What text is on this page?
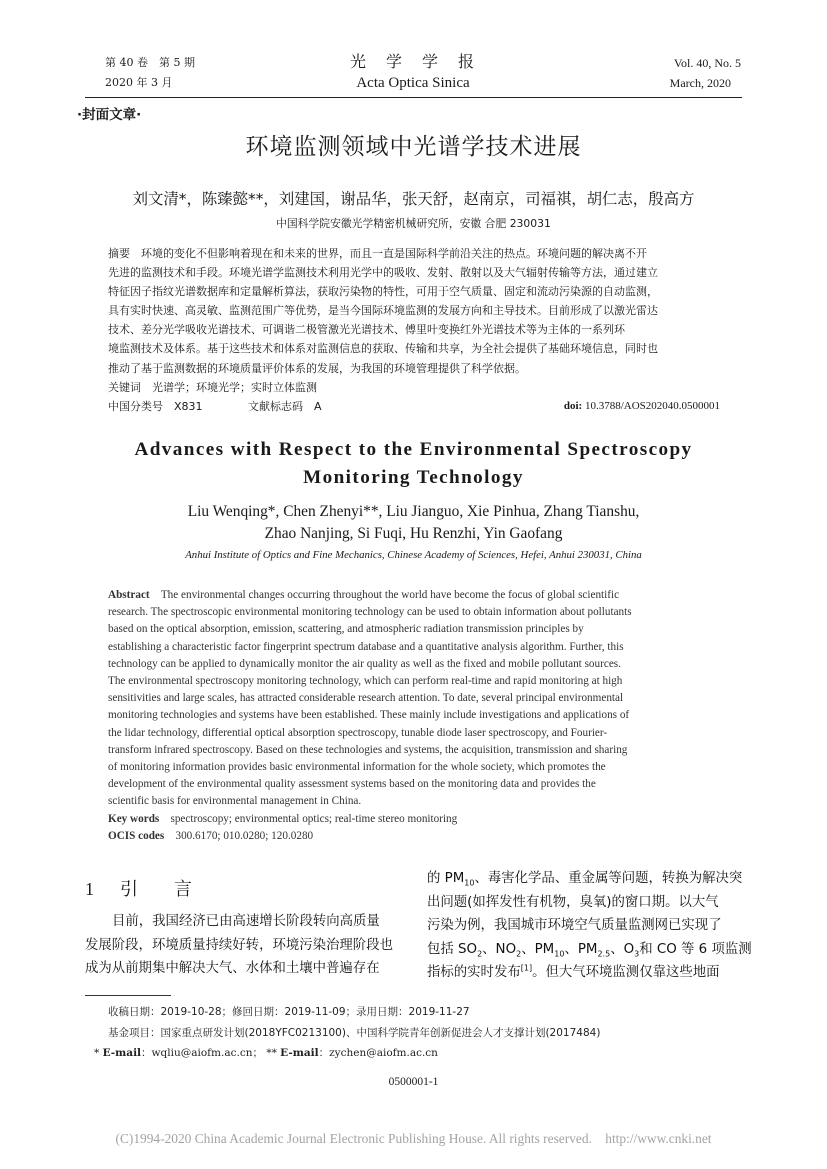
第 40 卷　第 5 期
2020 年 3 月
光　学　学　报
Acta Optica Sinica
Vol. 40, No. 5
March, 2020
·封面文章·
环境监测领域中光谱学技术进展
刘文清*，陈臻懿**，刘建国，谢品华，张天舒，赵南京，司福祺，胡仁志，殷高方
中国科学院安徽光学精密机械研究所，安徽 合肥 230031

摘要　 环境的变化不但影响着现在和未来的世界，而且一直是国际科学前沿关注的热点。环境问题的解决离不开

先进的监测技术和手段。环境光谱学监测技术利用光学中的吸收、发射、散射以及大气辐射传输等方法，通过建立

特征因子指纹光谱数据库和定量解析算法，获取污染物的特性，可用于空气质量、固定和流动污染源的自动监测，

具有实时快速、高灵敏、监测范围广等优势，是当今国际环境监测的发展方向和主导技术。目前形成了以激光雷达

技术、差分光学吸收光谱技术、可调谐二极管激光光谱技术、傅里叶变换红外光谱技术等为主体的一系列环

境监测技术及体系。基于这些技术和体系对监测信息的获取、传输和共享，为全社会提供了基础环境信息，同时也

推动了基于监测数据的环境质量评价体系的发展，为我国的环境管理提供了科学依据。

关键词　 光谱学；环境光学；实时立体监测

中国分类号　 X831	文献标志码　 A	doi: 10.3788/AOS202040.0500001

Advances with Respect to the Environmental Spectroscopy
Monitoring Technology
Liu Wenqing*, Chen Zhenyi**, Liu Jianguo, Xie Pinhua, Zhang Tianshu,
Zhao Nanjing, Si Fuqi, Hu Renzhi, Yin Gaofang
Anhui Institute of Optics and Fine Mechanics, Chinese Academy of Sciences, Hefei, Anhui 230031, China

Abstract　 The environmental changes occurring throughout the world have become the focus of global scientific

research. The spectroscopic environmental monitoring technology can be used to obtain information about pollutants

based on the optical absorption, emission, scattering, and atmospheric radiation transmission principles by

establishing a characteristic factor fingerprint spectrum database and a quantitative analysis algorithm. Further, this

technology can be applied to dynamically monitor the air quality as well as the fixed and mobile pollutant sources.

The environmental spectroscopy monitoring technology, which can perform real-time and rapid monitoring at high

sensitivities and large scales, has attracted considerable research attention. To date, several principal environmental

monitoring technologies and systems have been established. These mainly include investigations and applications of

the lidar technology, differential optical absorption spectroscopy, tunable diode laser spectroscopy, and Fourier-

transform infrared spectroscopy. Based on these technologies and systems, the acquisition, transmission and sharing

of monitoring information provides basic environmental information for the whole society, which promotes the

development of the environmental quality assessment systems based on the monitoring data and provides the

scientific basis for environmental management in China.

Key words　 spectroscopy; environmental optics; real-time stereo monitoring

OCIS codes　 300.6170; 010.0280; 120.0280

1 引　　言

目前，我国经济已由高速增长阶段转向高质量

发展阶段，环境质量持续好转，环境污染治理阶段也

成为从前期集中解决大气、水体和土壤中普遍存在

的 $PM_{10}$、毒害化学品、重金属等问题，转换为解决突

出问题(如挥发性有机物，臭氧)的窗口期。以大气

污染为例，我国城市环境空气质量监测网已实现了

包括 $SO_2$、$NO_2$、$PM_{10}$、$PM_{2.5}$、$O_3$和 CO 等 6 项监测

指标的实时发布[1]。但大气环境监测仅靠这些地面

收稿日期：2019-10-28；修回日期：2019-11-09；录用日期：2019-11-27
基金项目：国家重点研发计划(2018YFC0213100)、中国科学院青年创新促进会人才支撑计划(2017484)
* E-mail：wqliu@aiofm.ac.cn； ** E-mail：zychen@aiofm.ac.cn
0500001-1
(C)1994-2020 China Academic Journal Electronic Publishing House. All rights reserved.　http://www.cnki.net
